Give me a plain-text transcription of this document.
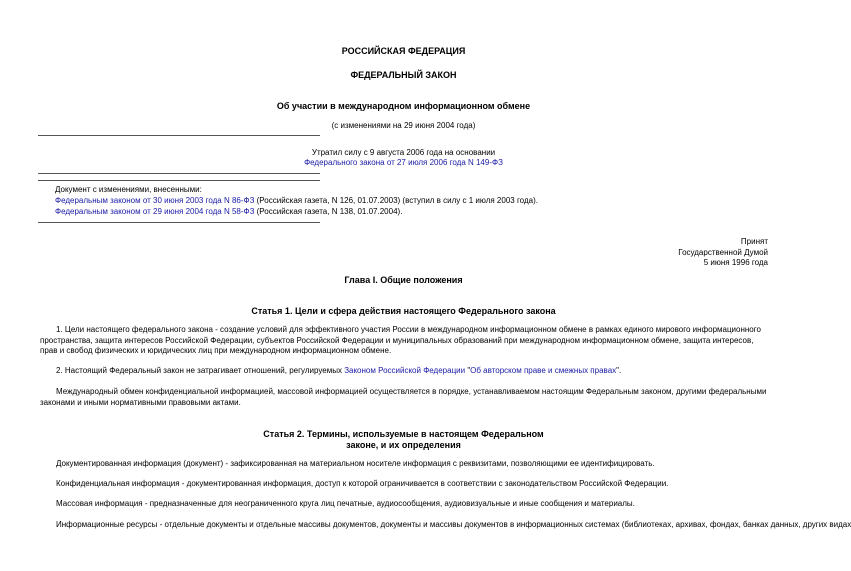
РОССИЙСКАЯ ФЕДЕРАЦИЯ
ФЕДЕРАЛЬНЫЙ ЗАКОН
Об участии в международном информационном обмене
(с изменениями на 29 июня 2004 года)
Утратил силу с 9 августа 2006 года на основании
Федерального закона от 27 июля 2006 года N 149-ФЗ
Документ с изменениями, внесенными:
Федеральным законом от 30 июня 2003 года N 86-ФЗ (Российская газета, N 126, 01.07.2003) (вступил в силу с 1 июля 2003 года).
Федеральным законом от 29 июня 2004 года N 58-ФЗ (Российская газета, N 138, 01.07.2004).
Принят
Государственной Думой
5 июня 1996 года
Глава I. Общие положения
Статья 1. Цели и сфера действия настоящего Федерального закона
1. Цели настоящего федерального закона - создание условий для эффективного участия России в международном информационном обмене в рамках единого мирового информационного пространства, защита интересов Российской Федерации, субъектов Российской Федерации и муниципальных образований при международном информационном обмене, защита интересов, прав и свобод физических и юридических лиц при международном информационном обмене.
2. Настоящий Федеральный закон не затрагивает отношений, регулируемых Законом Российской Федерации "Об авторском праве и смежных правах".
Международный обмен конфиденциальной информацией, массовой информацией осуществляется в порядке, устанавливаемом настоящим Федеральным законом, другими федеральными законами и иными нормативными правовыми актами.
Статья 2. Термины, используемые в настоящем Федеральном
законе, и их определения
Документированная информация (документ) - зафиксированная на материальном носителе информация с реквизитами, позволяющими ее идентифицировать.
Конфиденциальная информация - документированная информация, доступ к которой ограничивается в соответствии с законодательством Российской Федерации.
Массовая информация - предназначенные для неограниченного круга лиц печатные, аудиосообщения, аудиовизуальные и иные сообщения и материалы.
Информационные ресурсы - отдельные документы и отдельные массивы документов, документы и массивы документов в информационных системах (библиотеках, архивах, фондах, банках данных, других видах
